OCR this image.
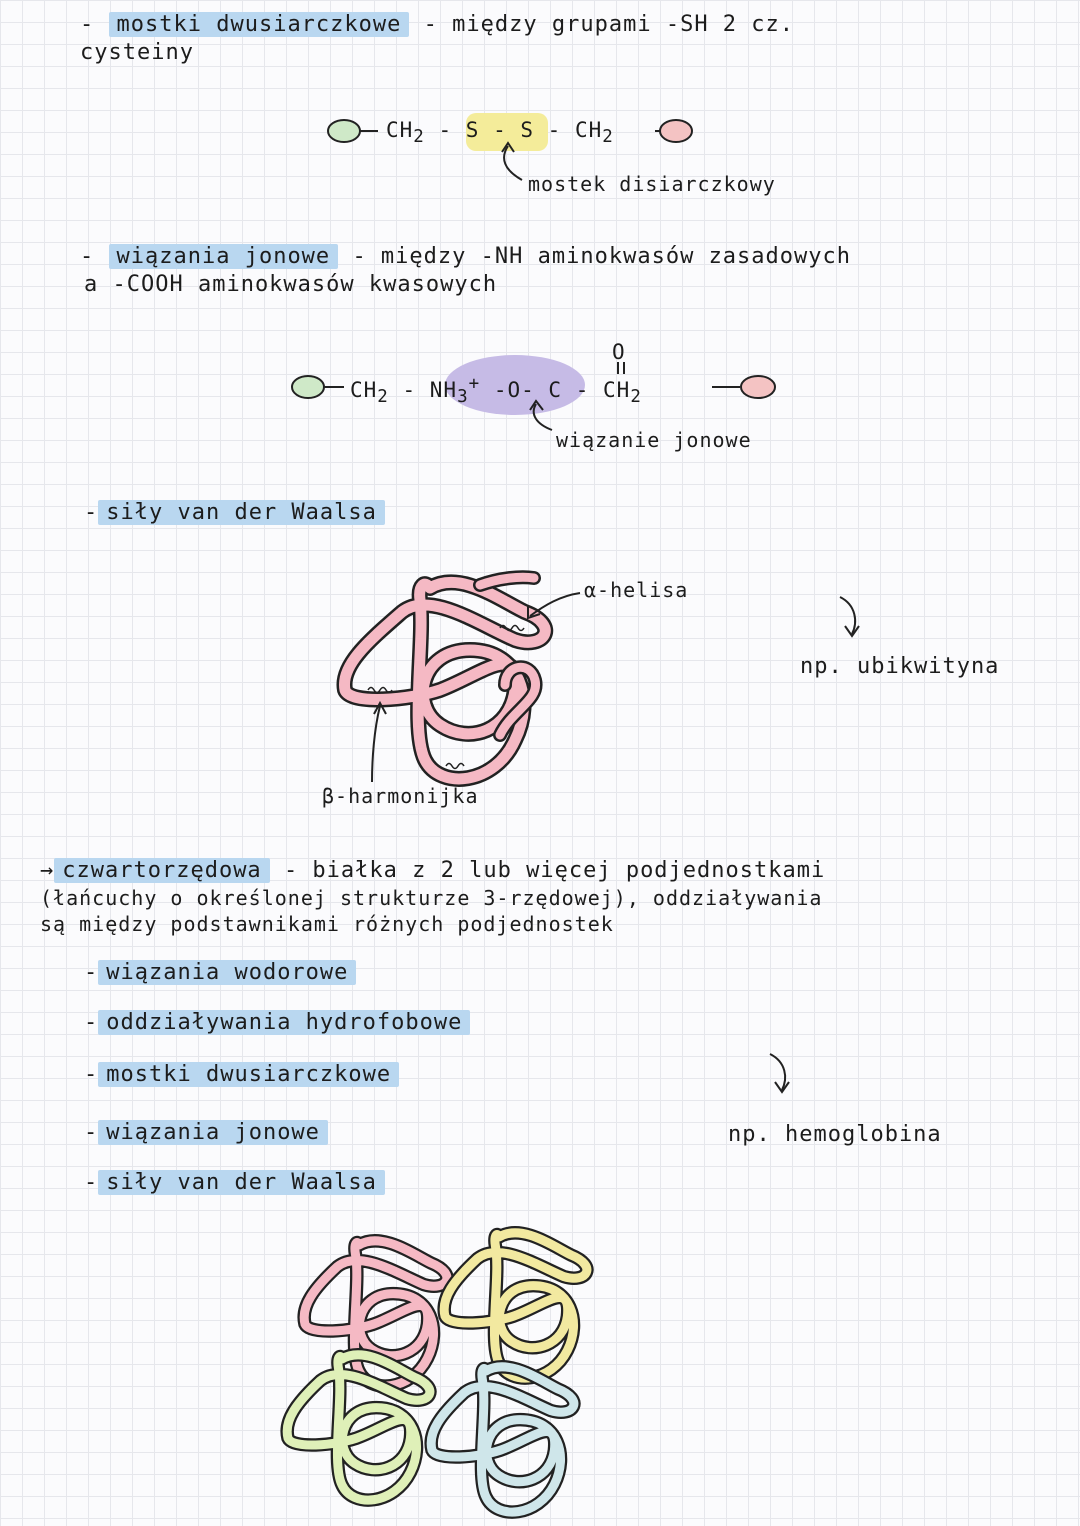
- mostki dwusiarczkowe - między grupami -SH 2 cz.
cysteiny
$CH_2$ - S - S - $CH_2$
mostek disiarczkowy
- wiązania jonowe - między -NH aminokwasów zasadowych
a -COOH aminokwasów kwasowych
$CH_2 - NH_3^+$ -O- C - $CH_2$
O
wiązanie jonowe
- siły van der Waalsa
α-helisa
β-harmonijka
np. ubikwityna
→ czwartorzędowa - białka z 2 lub więcej podjednostkami
(łańcuchy o określonej strukturze 3-rzędowej), oddziaływania
są między podstawnikami różnych podjednostek
- wiązania wodorowe
- oddziaływania hydrofobowe
- mostki dwusiarczkowe
- wiązania jonowe
- siły van der Waalsa
np. hemoglobina
